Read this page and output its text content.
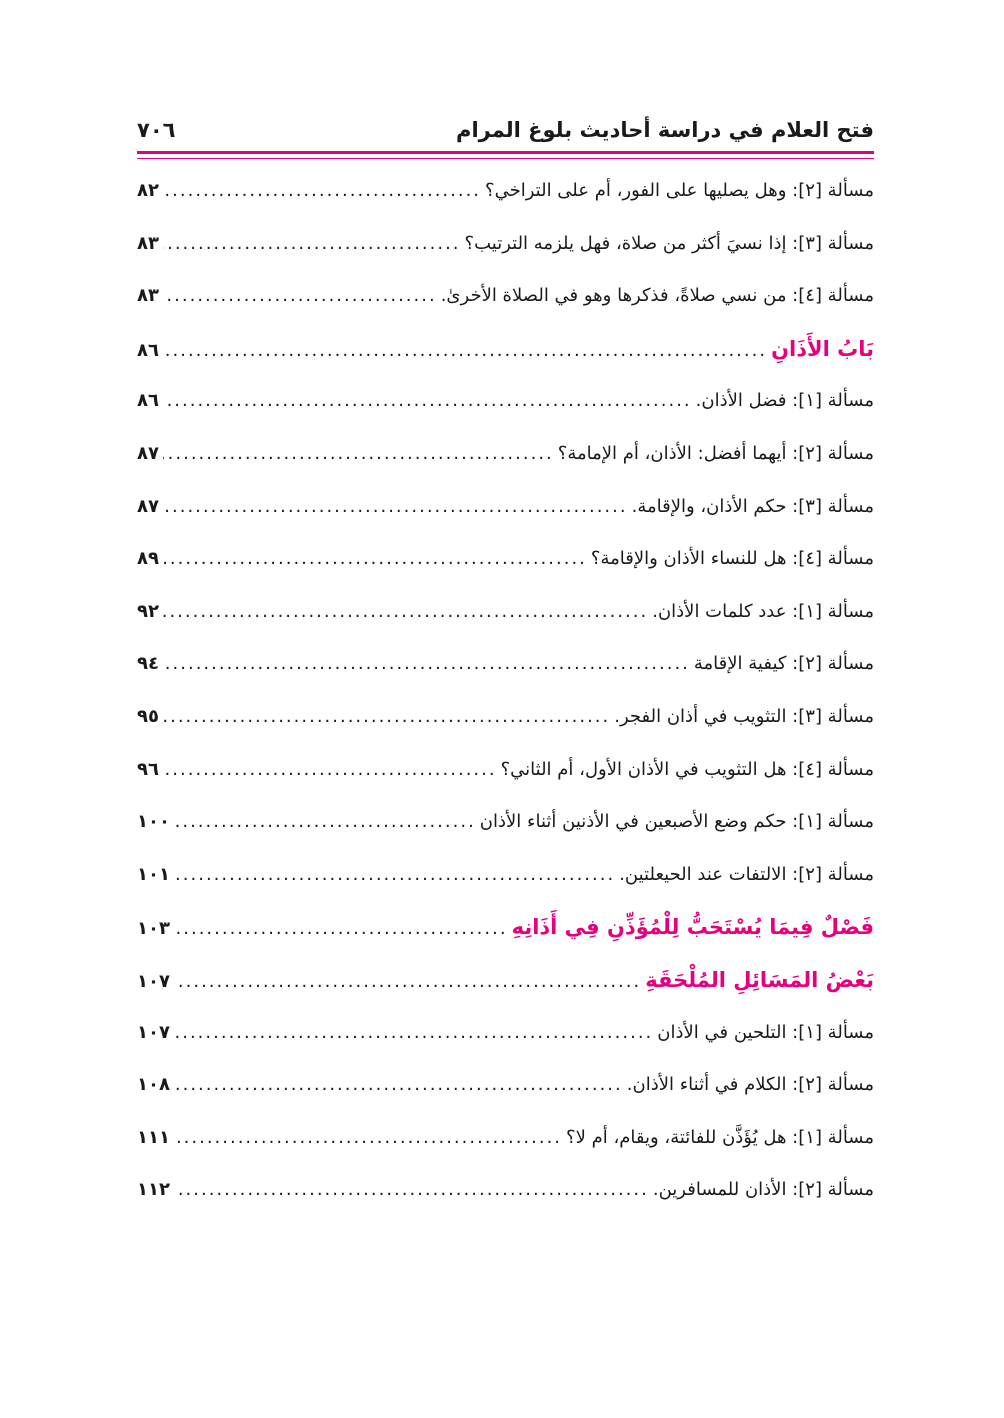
فتح العلام في دراسة أحاديث بلوغ المرام
٧٠٦
مسألة [٢]: وهل يصليها على الفور، أم على التراخي؟
.....
٨٢
مسألة [٣]: إذا نسيَ أكثر من صلاة، فهل يلزمه الترتيب؟
.....
٨٣
مسألة [٤]: من نسي صلاةً، فذكرها وهو في الصلاة الأخرىٰ.
.....
٨٣
بَابُ الأَذَانِ
.....
٨٦
مسألة [١]: فضل الأذان.
.....
٨٦
مسألة [٢]: أيهما أفضل: الأذان، أم الإمامة؟
.....
٨٧
مسألة [٣]: حكم الأذان، والإقامة.
.....
٨٧
مسألة [٤]: هل للنساء الأذان والإقامة؟
.....
٨٩
مسألة [١]: عدد كلمات الأذان.
.....
٩٢
مسألة [٢]: كيفية الإقامة
.....
٩٤
مسألة [٣]: التثويب في أذان الفجر.
.....
٩٥
مسألة [٤]: هل التثويب في الأذان الأول، أم الثاني؟
.....
٩٦
مسألة [١]: حكم وضع الأصبعين في الأذنين أثناء الأذان
.....
١٠٠
مسألة [٢]: الالتفات عند الحيعلتين.
.....
١٠١
فَصْلٌ فِيمَا يُسْتَحَبُّ لِلْمُؤَذِّنِ فِي أَذَانِهِ
.....
١٠٣
بَعْضُ المَسَائِلِ المُلْحَقَةِ
.....
١٠٧
مسألة [١]: التلحين في الأذان
.....
١٠٧
مسألة [٢]: الكلام في أثناء الأذان.
.....
١٠٨
مسألة [١]: هل يُؤَذَّن للفائتة، ويقام، أم لا؟
.....
١١١
مسألة [٢]: الأذان للمسافرين.
.....
١١٢
